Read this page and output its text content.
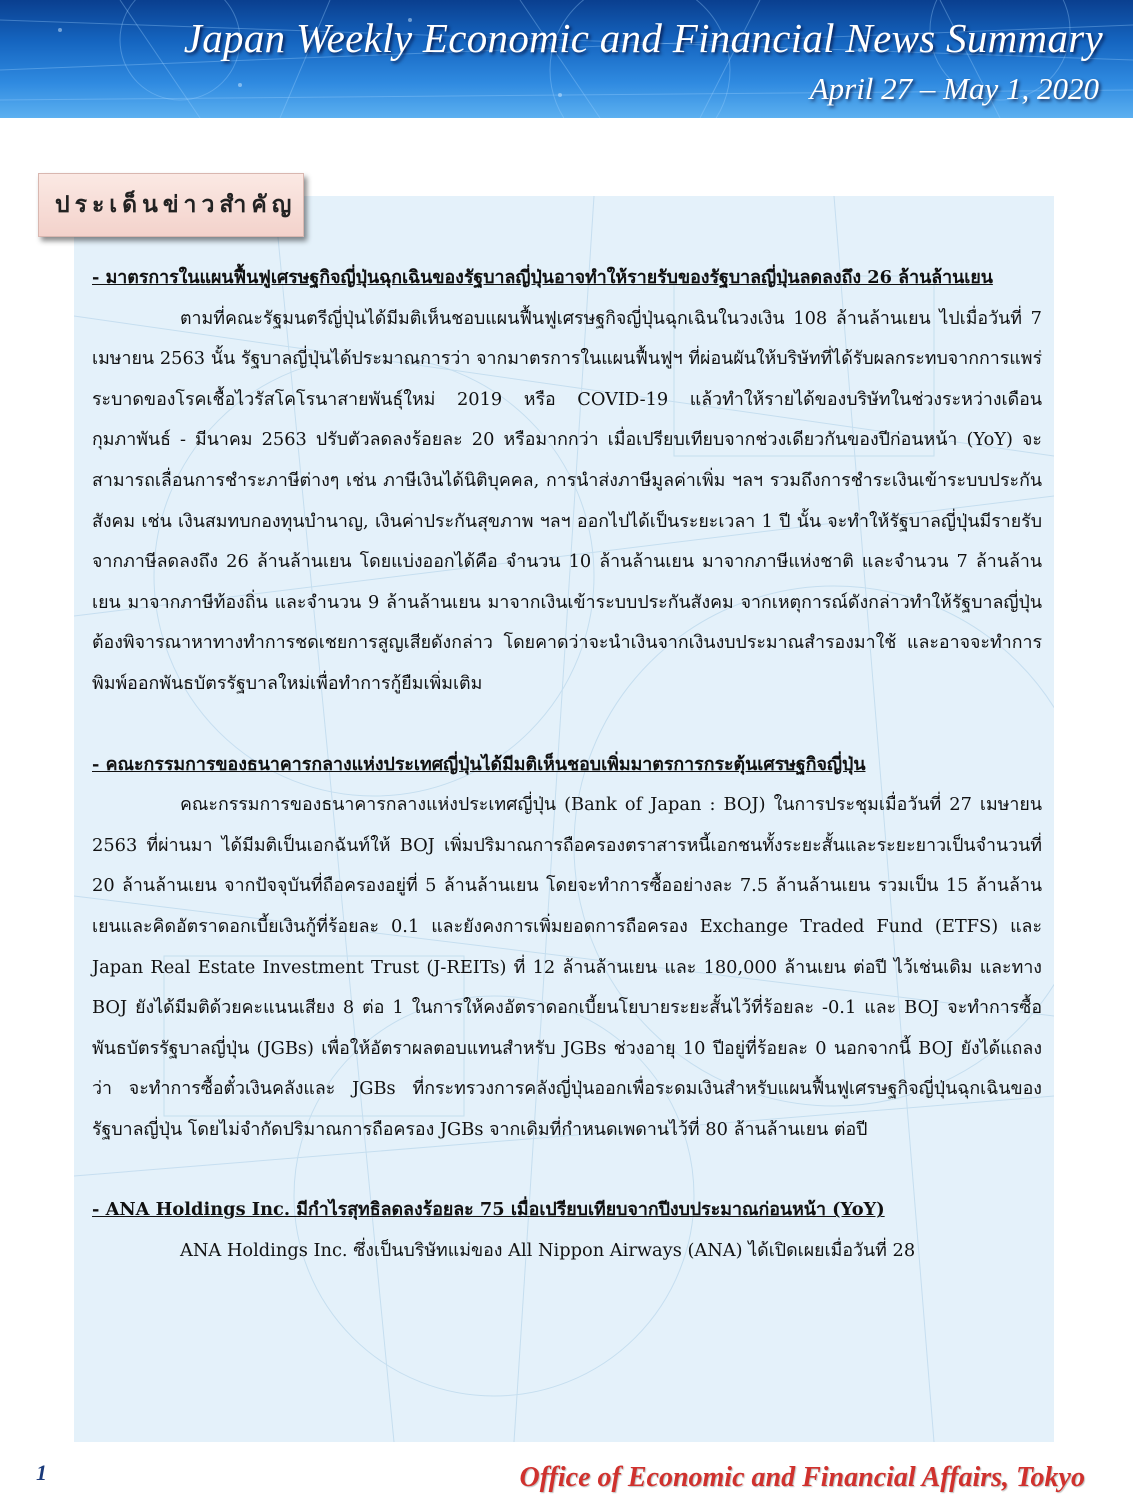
Japan Weekly Economic and Financial News Summary
April 27 – May 1, 2020
ประเด็นข่าวสำคัญ
- มาตรการในแผนฟื้นฟูเศรษฐกิจญี่ปุ่นฉุกเฉินของรัฐบาลญี่ปุ่นอาจทำให้รายรับของรัฐบาลญี่ปุ่นลดลงถึง 26 ล้านล้านเยน

ตามที่คณะรัฐมนตรีญี่ปุ่นได้มีมติเห็นชอบแผนฟื้นฟูเศรษฐกิจญี่ปุ่นฉุกเฉินในวงเงิน 108 ล้านล้านเยน ไปเมื่อวันที่ 7 เมษายน 2563 นั้น รัฐบาลญี่ปุ่นได้ประมาณการว่า จากมาตรการในแผนฟื้นฟูฯ ที่ผ่อนผันให้บริษัทที่ได้รับผลกระทบจากการแพร่ระบาดของโรคเชื้อไวรัสโคโรนาสายพันธุ์ใหม่ 2019 หรือ COVID-19 แล้วทำให้รายได้ของบริษัทในช่วงระหว่างเดือนกุมภาพันธ์ - มีนาคม 2563 ปรับตัวลดลงร้อยละ 20 หรือมากกว่า เมื่อเปรียบเทียบจากช่วงเดียวกันของปีก่อนหน้า (YoY) จะสามารถเลื่อนการชำระภาษีต่างๆ เช่น ภาษีเงินได้นิติบุคคล, การนำส่งภาษีมูลค่าเพิ่ม ฯลฯ รวมถึงการชำระเงินเข้าระบบประกันสังคม เช่น เงินสมทบกองทุนบำนาญ, เงินค่าประกันสุขภาพ ฯลฯ ออกไปได้เป็นระยะเวลา 1 ปี นั้น จะทำให้รัฐบาลญี่ปุ่นมีรายรับจากภาษีลดลงถึง 26 ล้านล้านเยน โดยแบ่งออกได้คือ จำนวน 10 ล้านล้านเยน มาจากภาษีแห่งชาติ และจำนวน 7 ล้านล้านเยน มาจากภาษีท้องถิ่น และจำนวน 9 ล้านล้านเยน มาจากเงินเข้าระบบประกันสังคม จากเหตุการณ์ดังกล่าวทำให้รัฐบาลญี่ปุ่นต้องพิจารณาหาทางทำการชดเชยการสูญเสียดังกล่าว โดยคาดว่าจะนำเงินจากเงินงบประมาณสำรองมาใช้ และอาจจะทำการพิมพ์ออกพันธบัตรรัฐบาลใหม่เพื่อทำการกู้ยืมเพิ่มเติม

- คณะกรรมการของธนาคารกลางแห่งประเทศญี่ปุ่นได้มีมติเห็นชอบเพิ่มมาตรการกระตุ้นเศรษฐกิจญี่ปุ่น

คณะกรรมการของธนาคารกลางแห่งประเทศญี่ปุ่น (Bank of Japan : BOJ) ในการประชุมเมื่อวันที่ 27 เมษายน 2563 ที่ผ่านมา ได้มีมติเป็นเอกฉันท์ให้ BOJ เพิ่มปริมาณการถือครองตราสารหนี้เอกชนทั้งระยะสั้นและระยะยาวเป็นจำนวนที่ 20 ล้านล้านเยน จากปัจจุบันที่ถือครองอยู่ที่ 5 ล้านล้านเยน โดยจะทำการซื้ออย่างละ 7.5 ล้านล้านเยน รวมเป็น 15 ล้านล้านเยนและคิดอัตราดอกเบี้ยเงินกู้ที่ร้อยละ 0.1 และยังคงการเพิ่มยอดการถือครอง Exchange Traded Fund (ETFS) และ Japan Real Estate Investment Trust (J-REITs) ที่ 12 ล้านล้านเยน และ 180,000 ล้านเยน ต่อปี ไว้เช่นเดิม และทาง BOJ ยังได้มีมติด้วยคะแนนเสียง 8 ต่อ 1 ในการให้คงอัตราดอกเบี้ยนโยบายระยะสั้นไว้ที่ร้อยละ -0.1 และ BOJ จะทำการซื้อพันธบัตรรัฐบาลญี่ปุ่น (JGBs) เพื่อให้อัตราผลตอบแทนสำหรับ JGBs ช่วงอายุ 10 ปีอยู่ที่ร้อยละ 0 นอกจากนี้ BOJ ยังได้แถลงว่า จะทำการซื้อตั๋วเงินคลังและ JGBs ที่กระทรวงการคลังญี่ปุ่นออกเพื่อระดมเงินสำหรับแผนฟื้นฟูเศรษฐกิจญี่ปุ่นฉุกเฉินของรัฐบาลญี่ปุ่น โดยไม่จำกัดปริมาณการถือครอง JGBs จากเดิมที่กำหนดเพดานไว้ที่ 80 ล้านล้านเยน ต่อปี

- ANA Holdings Inc. มีกำไรสุทธิลดลงร้อยละ 75 เมื่อเปรียบเทียบจากปีงบประมาณก่อนหน้า (YoY)

ANA Holdings Inc. ซึ่งเป็นบริษัทแม่ของ All Nippon Airways (ANA) ได้เปิดเผยเมื่อวันที่ 28

1	Office of Economic and Financial Affairs, Tokyo
